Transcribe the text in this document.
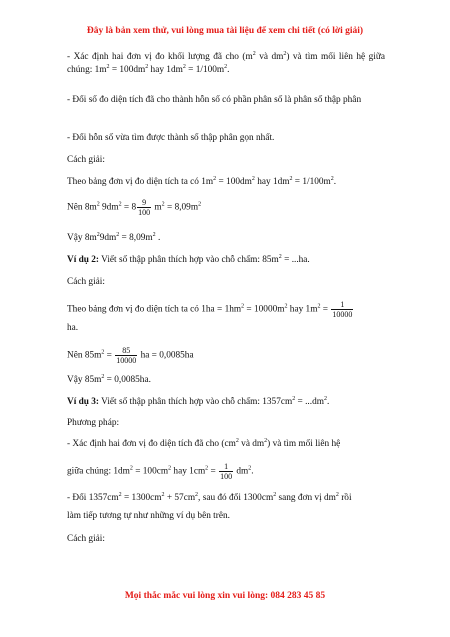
Đây là bản xem thử, vui lòng mua tài liệu để xem chi tiết (có lời giải)
- Xác định hai đơn vị đo khối lượng đã cho ($m^2$ và $dm^2$) và tìm mối liên hệ giữa chúng: $1m^2 = 100dm^2$ hay $1dm^2 = 1/100m^2$.
- Đổi số đo diện tích đã cho thành hỗn số có phần phân số là phân số thập phân
- Đổi hỗn số vừa tìm được thành số thập phân gọn nhất.
Cách giải:
Theo bảng đơn vị đo diện tích ta có $1m^2 = 100dm^2$ hay $1dm^2 = 1/100m^2$.
Nên $8m^2$ $9dm^2 = 8 \frac{9}{100} m^2 = 8,09m^2$
Vậy $8m^29dm^2 = 8,09m^2$ .
Ví dụ 2: Viết số thập phân thích hợp vào chỗ chấm: $85m^2 = ...ha$.
Cách giải:
Theo bảng đơn vị đo diện tích ta có $1ha = 1hm^2 = 10000m^2$ hay $1m^2 = \frac{1}{10000}$
ha.
Nên $85m^2 = \frac{85}{10000}$ ha = 0,0085ha
Vậy $85m^2 = 0,0085ha$.
Ví dụ 3: Viết số thập phân thích hợp vào chỗ chấm: $1357cm^2 = ...dm^2$.
Phương pháp:
- Xác định hai đơn vị đo diện tích đã cho ($cm^2$ và $dm^2$) và tìm mối liên hệ
giữa chúng: $1dm^2 = 100cm^2$ hay $1cm^2 = \frac{1}{100} dm^2$.
- Đổi $1357cm^2 = 1300cm^2 + 57cm^2$, sau đó đổi $1300cm^2$ sang đơn vị $dm^2$ rồi
làm tiếp tương tự như những ví dụ bên trên.
Cách giải:
Mọi thắc mắc vui lòng xin vui lòng: 084 283 45 85
